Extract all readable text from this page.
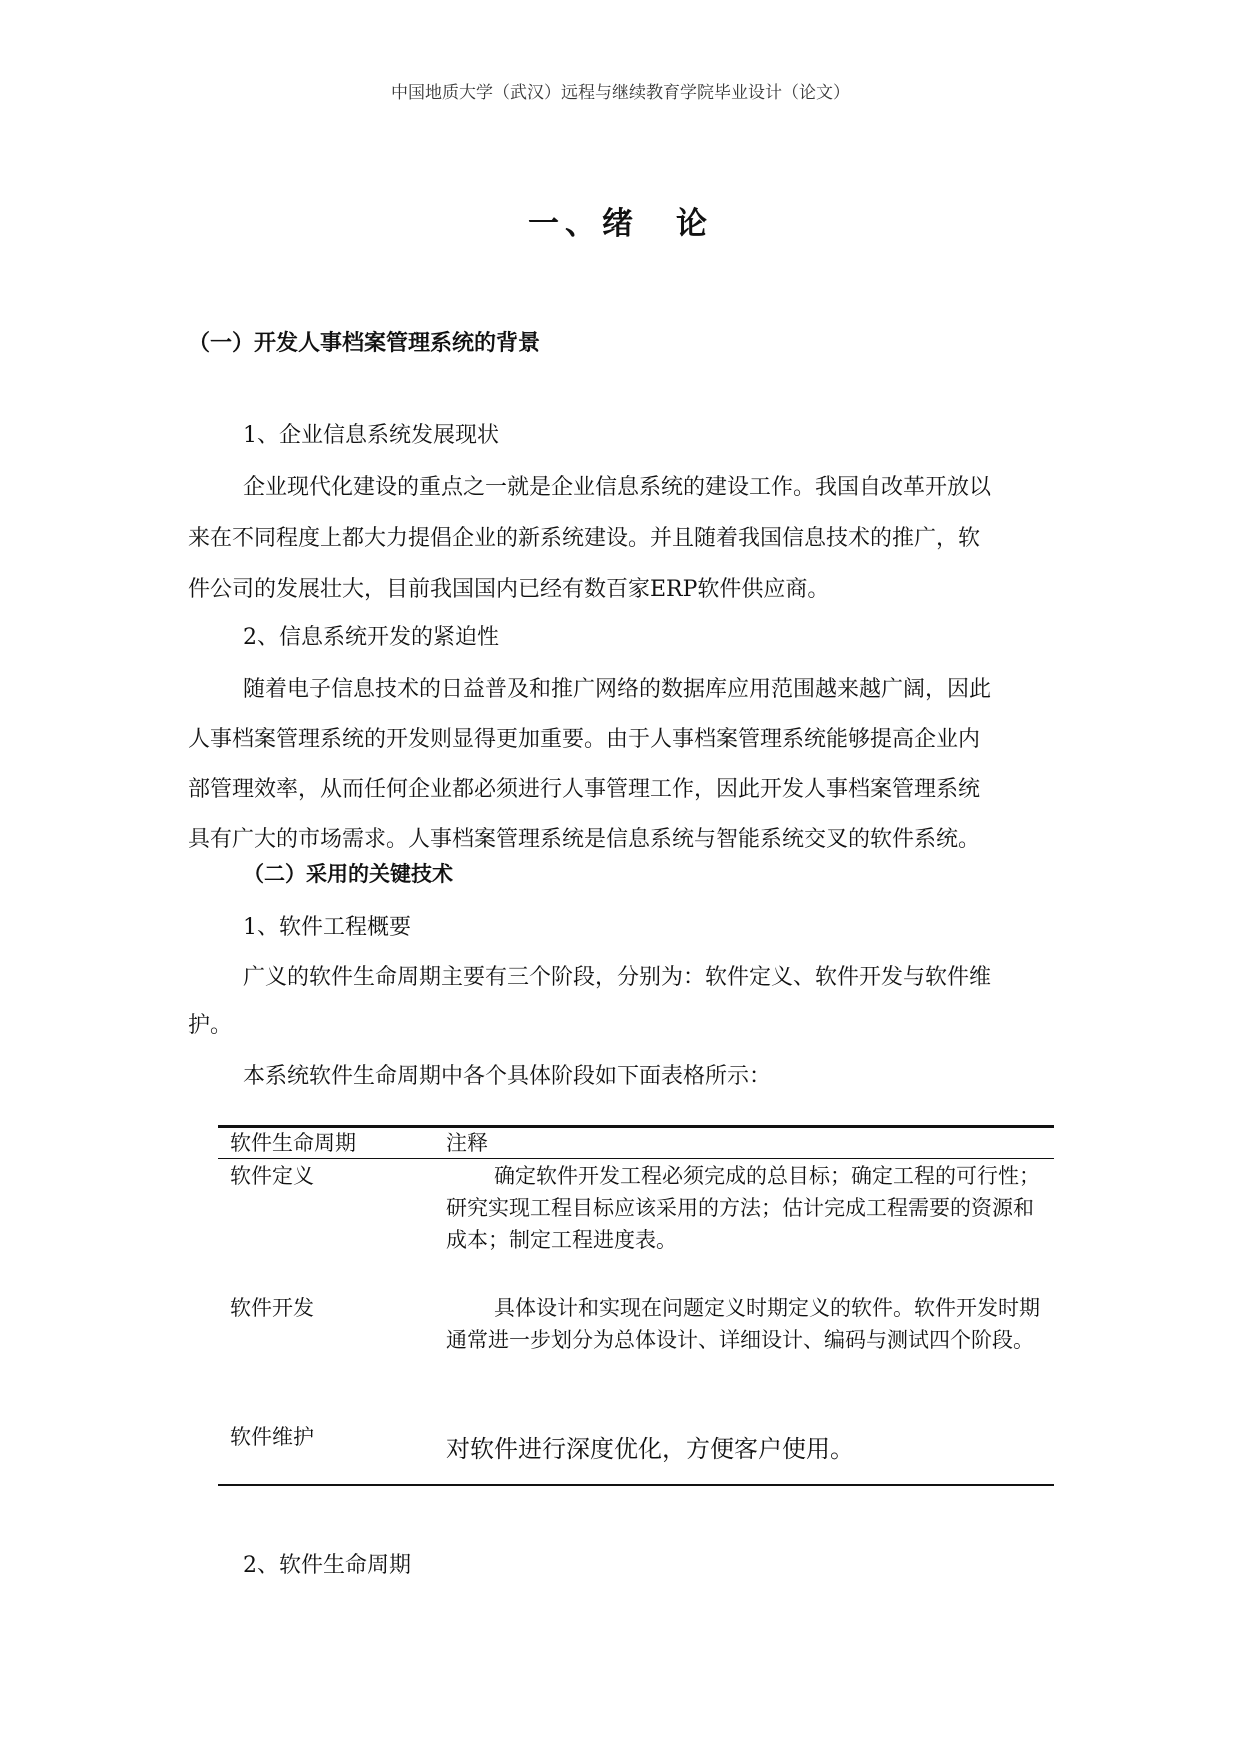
中国地质大学（武汉）远程与继续教育学院毕业设计（论文）
一、绪　论
（一）开发人事档案管理系统的背景
1、企业信息系统发展现状
企业现代化建设的重点之一就是企业信息系统的建设工作。我国自改革开放以
来在不同程度上都大力提倡企业的新系统建设。并且随着我国信息技术的推广，软
件公司的发展壮大，目前我国国内已经有数百家ERP软件供应商。
2、信息系统开发的紧迫性
随着电子信息技术的日益普及和推广网络的数据库应用范围越来越广阔，因此
人事档案管理系统的开发则显得更加重要。由于人事档案管理系统能够提高企业内
部管理效率，从而任何企业都必须进行人事管理工作，因此开发人事档案管理系统
具有广大的市场需求。人事档案管理系统是信息系统与智能系统交叉的软件系统。
（二）采用的关键技术
1、软件工程概要
广义的软件生命周期主要有三个阶段，分别为：软件定义、软件开发与软件维
护。
本系统软件生命周期中各个具体阶段如下面表格所示：
软件生命周期	注释
软件定义	确定软件开发工程必须完成的总目标；确定工程的可行性；研究实现工程目标应该采用的方法；估计完成工程需要的资源和成本；制定工程进度表。
软件开发	具体设计和实现在问题定义时期定义的软件。软件开发时期通常进一步划分为总体设计、详细设计、编码与测试四个阶段。
软件维护	对软件进行深度优化，方便客户使用。
2、软件生命周期
